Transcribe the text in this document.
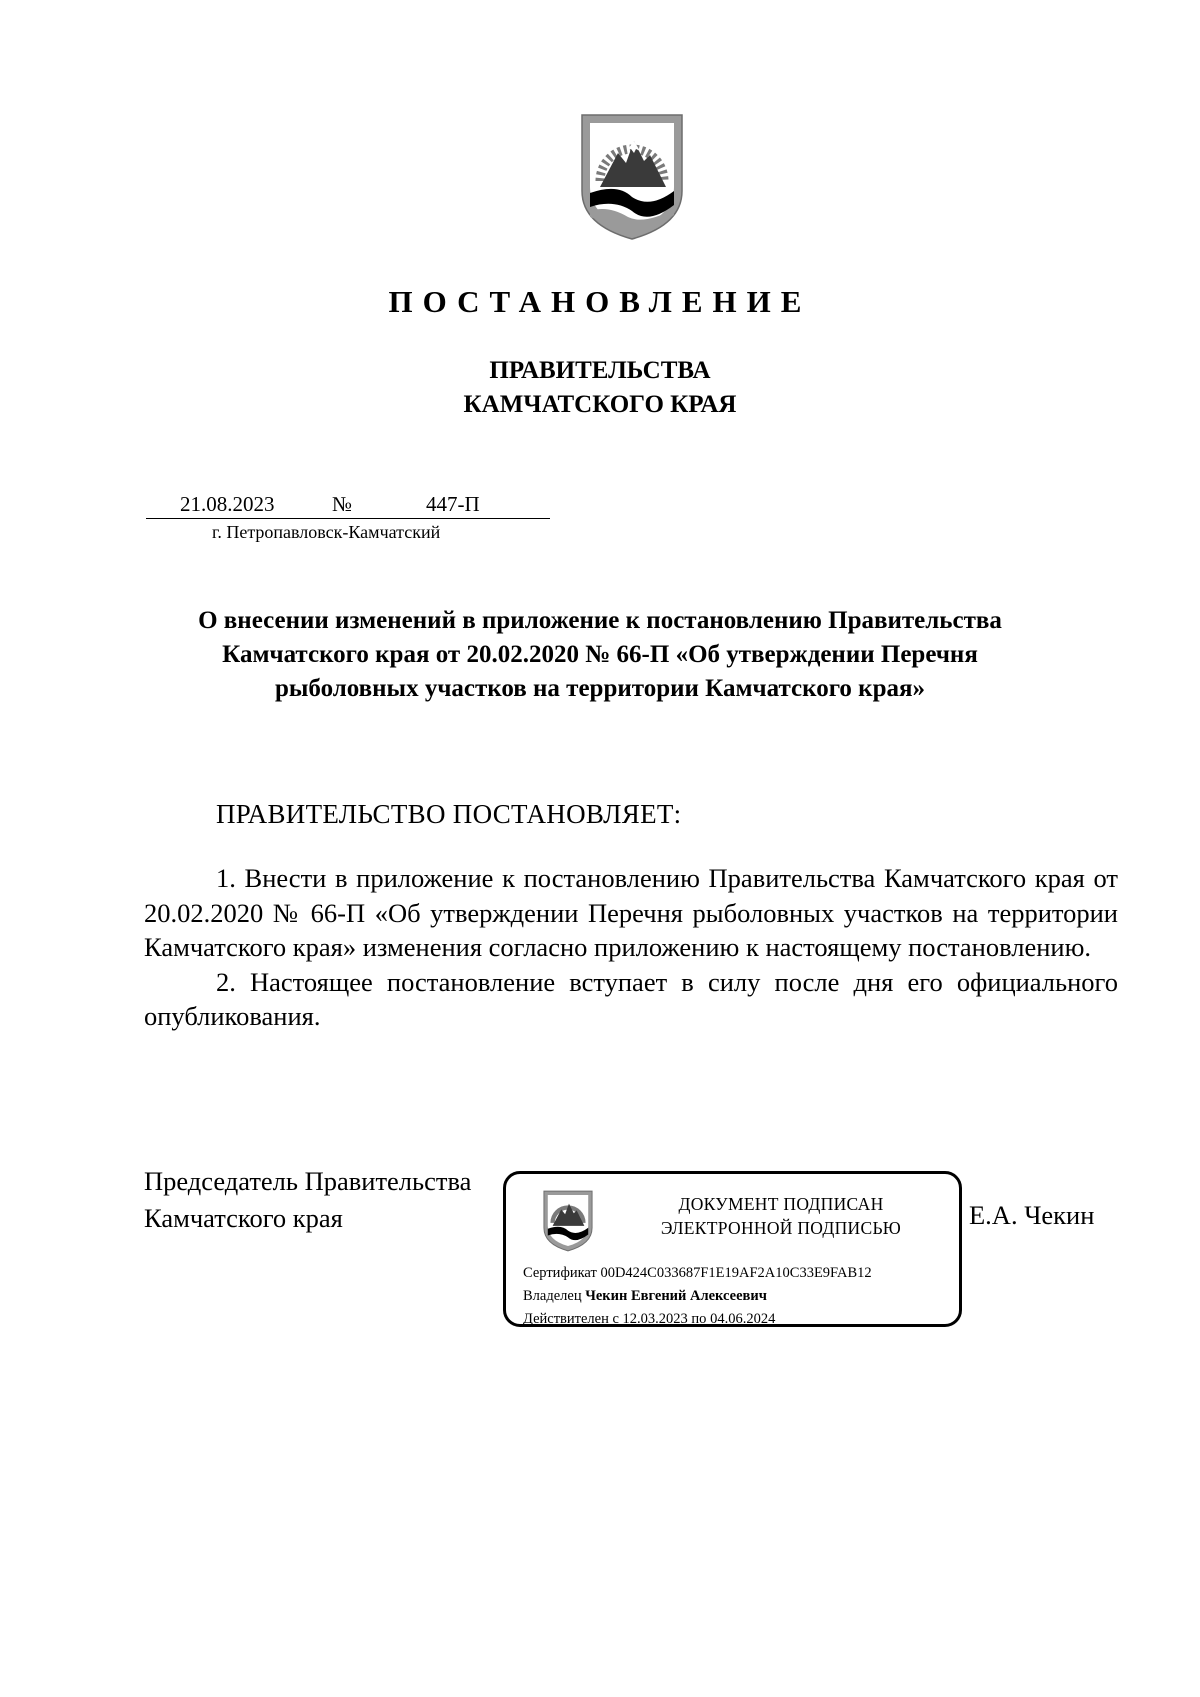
ПОСТАНОВЛЕНИЕ
ПРАВИТЕЛЬСТВА
КАМЧАТСКОГО КРАЯ
21.08.2023	№	447-П
г. Петропавловск-Камчатский
О внесении изменений в приложение к постановлению Правительства
Камчатского края от 20.02.2020 № 66-П «Об утверждении Перечня
рыболовных участков на территории Камчатского края»
ПРАВИТЕЛЬСТВО ПОСТАНОВЛЯЕТ:

1. Внести в приложение к постановлению Правительства Камчатского края от 20.02.2020 № 66-П «Об утверждении Перечня рыболовных участков на территории Камчатского края» изменения согласно приложению к настоящему постановлению.

2. Настоящее постановление вступает в силу после дня его официального опубликования.

Председатель Правительства
Камчатского края	Е.А. Чекин
ДОКУМЕНТ ПОДПИСАН
ЭЛЕКТРОННОЙ ПОДПИСЬЮ
Сертификат 00D424C033687F1E19AF2A10C33E9FAB12
Владелец Чекин Евгений Алексеевич
Действителен с 12.03.2023 по 04.06.2024
